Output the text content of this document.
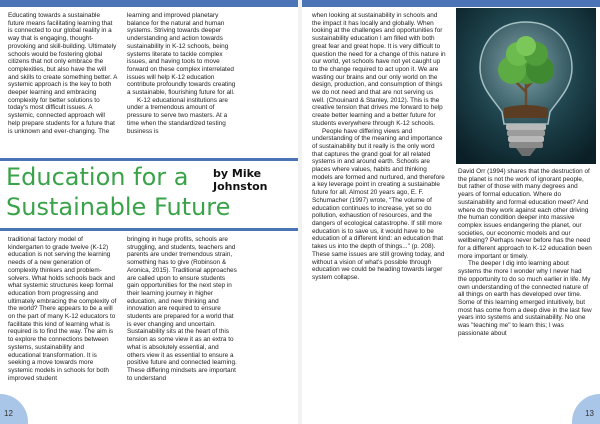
Educating towards a sustainable future means facilitating learning that is connected to our global reality in a way that is engaging, thought-provoking and skill-building. Ultimately schools would be fostering global citizens that not only embrace the complexities, but also have the will and skills to create something better. A systemic approach is the key to both deeper learning and embracing complexity for better solutions to today's most difficult issues. A systemic, connected approach will help prepare students for a future that is unknown and ever-changing. The

learning and improved planetary balance for the natural and human systems. Striving towards deeper understanding and action towards sustainability in K-12 schools, being systems literate to tackle complex issues, and having tools to move forward on these complex interrelated issues will help K-12 education contribute profoundly towards creating a sustainable, flourishing future for all.

K-12 educational institutions are under a tremendous amount of pressure to serve two masters. At a time when the standardized testing business is

Education for a Sustainable Future
by Mike Johnston

traditional factory model of kindergarten to grade twelve (K-12) education is not serving the learning needs of a new generation of complexity thinkers and problem-solvers. What holds schools back and what systemic structures keep formal education from progressing and ultimately embracing the complexity of the world? There appears to be a will on the part of many K-12 educators to facilitate this kind of learning what is required is to find the way. The aim is to explore the connections between systems, sustainability and educational transformation. It is seeking a move towards more systemic models in schools for both improved student

bringing in huge profits, schools are struggling, and students, teachers and parents are under tremendous strain, something has to give (Robinson & Aronica, 2015). Traditional approaches are called upon to ensure students gain opportunities for the next step in their learning journey in higher education, and new thinking and innovation are required to ensure students are prepared for a world that is ever changing and uncertain. Sustainability sits at the heart of this tension as some view it as an extra to what is absolutely essential, and others view it as essential to ensure a positive future and connected learning. These differing mindsets are important to understand

when looking at sustainability in schools and the impact it has locally and globally. When looking at the challenges and opportunities for sustainability education I am filled with both great fear and great hope. It is very difficult to question the need for a change of this nature in our world, yet schools have not yet caught up to the change required to act upon it. We are wasting our brains and our only world on the design, production, and consumption of things we do not need and that are not serving us well. (Chouinard & Stanley, 2012). This is the creative tension that drives me forward to help create better learning and a better future for students everywhere through K-12 schools.

People have differing views and understanding of the meaning and importance of sustainability but it really is the only word that captures the grand goal for all related systems in and around earth. Schools are places where values, habits and thinking models are formed and nurtured, and therefore a key leverage point in creating a sustainable future for all. Almost 20 years ago, E. F. Schumacher (1997) wrote, "The volume of education continues to increase, yet so do pollution, exhaustion of resources, and the dangers of ecological catastrophe. If still more education is to save us, it would have to be education of a different kind: an education that takes us into the depth of things..." (p. 208). These same issues are still growing today, and without a vision of what's possible through education we could be heading towards larger system collapse.

David Orr (1994) shares that the destruction of the planet is not the work of ignorant people, but rather of those with many degrees and years of formal education. Where do sustainability and formal education meet? And where do they work against each other driving the human condition deeper into massive complex issues endangering the planet, our societies, our economic models and our wellbeing? Perhaps never before has the need for a different approach to K-12 education been more important or timely.

The deeper I dig into learning about systems the more I wonder why I never had the opportunity to do so much earlier in life. My own understanding of the connected nature of all things on earth has developed over time. Some of this learning emerged intuitively, but most has come from a deep dive in the last few years into systems and sustainability. No one was "teaching me" to learn this; I was passionate about

12	13
